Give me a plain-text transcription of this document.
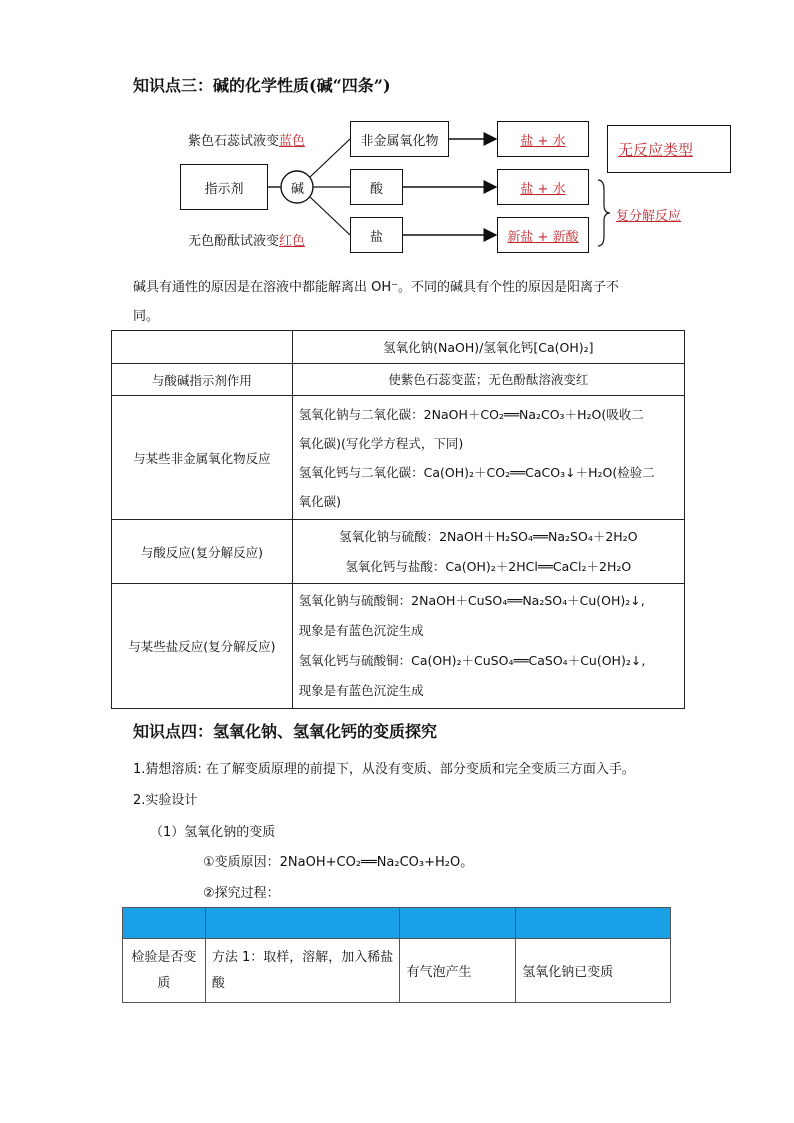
知识点三：碱的化学性质(碱“四条”)
紫色石蕊试液变蓝色
指示剂
无色酚酞试液变红色
碱
非金属氧化物
酸
盐
盐 + 水
盐 + 水
新盐 + 新酸
无反应类型
复分解反应
碱具有通性的原因是在溶液中都能解离出 OH⁻。不同的碱具有个性的原因是阳离子不
同。
	氢氧化钠(NaOH)/氢氧化钙[Ca(OH)₂]
与酸碱指示剂作用	使紫色石蕊变蓝；无色酚酞溶液变红

与某些非金属氧化物反应	氢氧化钠与二氧化碳：2NaOH＋CO₂══Na₂CO₃＋H₂O(吸收二
氧化碳)(写化学方程式，下同)
氢氧化钙与二氧化碳：Ca(OH)₂＋CO₂══CaCO₃↓＋H₂O(检验二
氧化碳)

与酸反应(复分解反应)	氢氧化钠与硫酸：2NaOH＋H₂SO₄══Na₂SO₄＋2H₂O
氢氧化钙与盐酸：Ca(OH)₂＋2HCl══CaCl₂＋2H₂O

与某些盐反应(复分解反应)	氢氧化钠与硫酸铜：2NaOH＋CuSO₄══Na₂SO₄＋Cu(OH)₂↓,
现象是有蓝色沉淀生成
氢氧化钙与硫酸铜：Ca(OH)₂＋CuSO₄══CaSO₄＋Cu(OH)₂↓,
现象是有蓝色沉淀生成
知识点四：氢氧化钠、氢氧化钙的变质探究
1.猜想溶质: 在了解变质原理的前提下，从没有变质、部分变质和完全变质三方面入手。
2.实验设计
（1）氢氧化钠的变质
①变质原因：2NaOH+CO₂══Na₂CO₃+H₂O。
②探究过程：

检验是否变质	方法 1：取样，溶解，加入稀盐酸	有气泡产生	氢氧化钠已变质
